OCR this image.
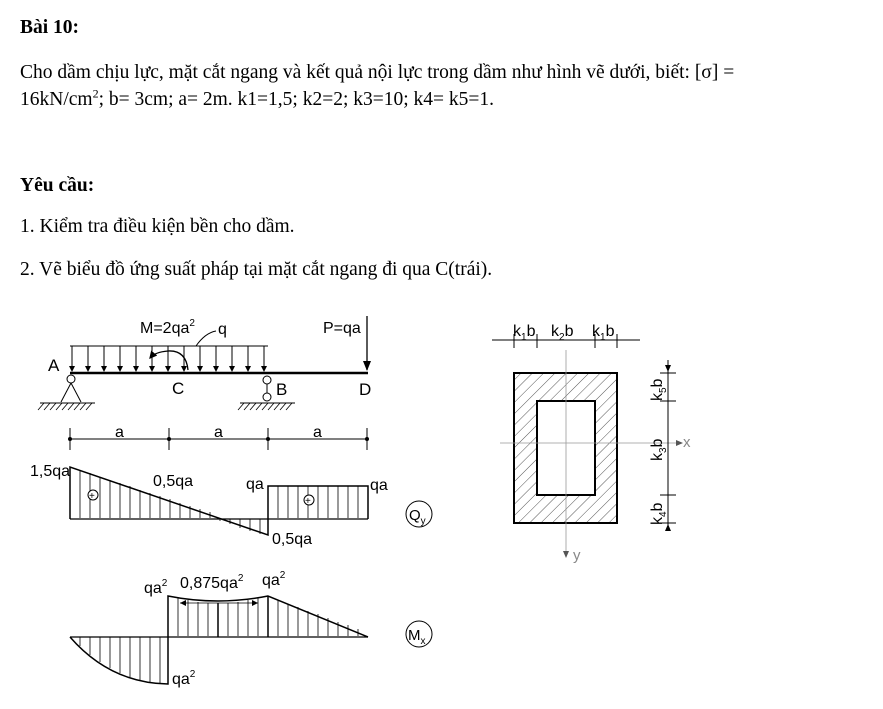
Bài 10:

Cho dầm chịu lực, mặt cắt ngang và kết quả nội lực trong dầm như hình vẽ dưới, biết: [σ] =

$16kN/cm^2$; b= 3cm; a= 2m. k1=1,5; k2=2; k3=10; k4= k5=1.

Yêu cầu:

1. Kiểm tra điều kiện bền cho dầm.

2. Vẽ biểu đồ ứng suất pháp tại mặt cắt ngang đi qua C(trái).

q
$M=2qa^2$	P=qa
A
C	B	D
a	a	a
+	+
1,5qa
0,5qa	qa	qa
0,5qa
$Q_y$
$qa^2$ $0,875qa^2$ $qa^2$
$qa^2$
$M_x$
y
x
$k_1b$ $k_2b$ $k_1b$
$k_5b$
$k_3b$
$k_4b$
